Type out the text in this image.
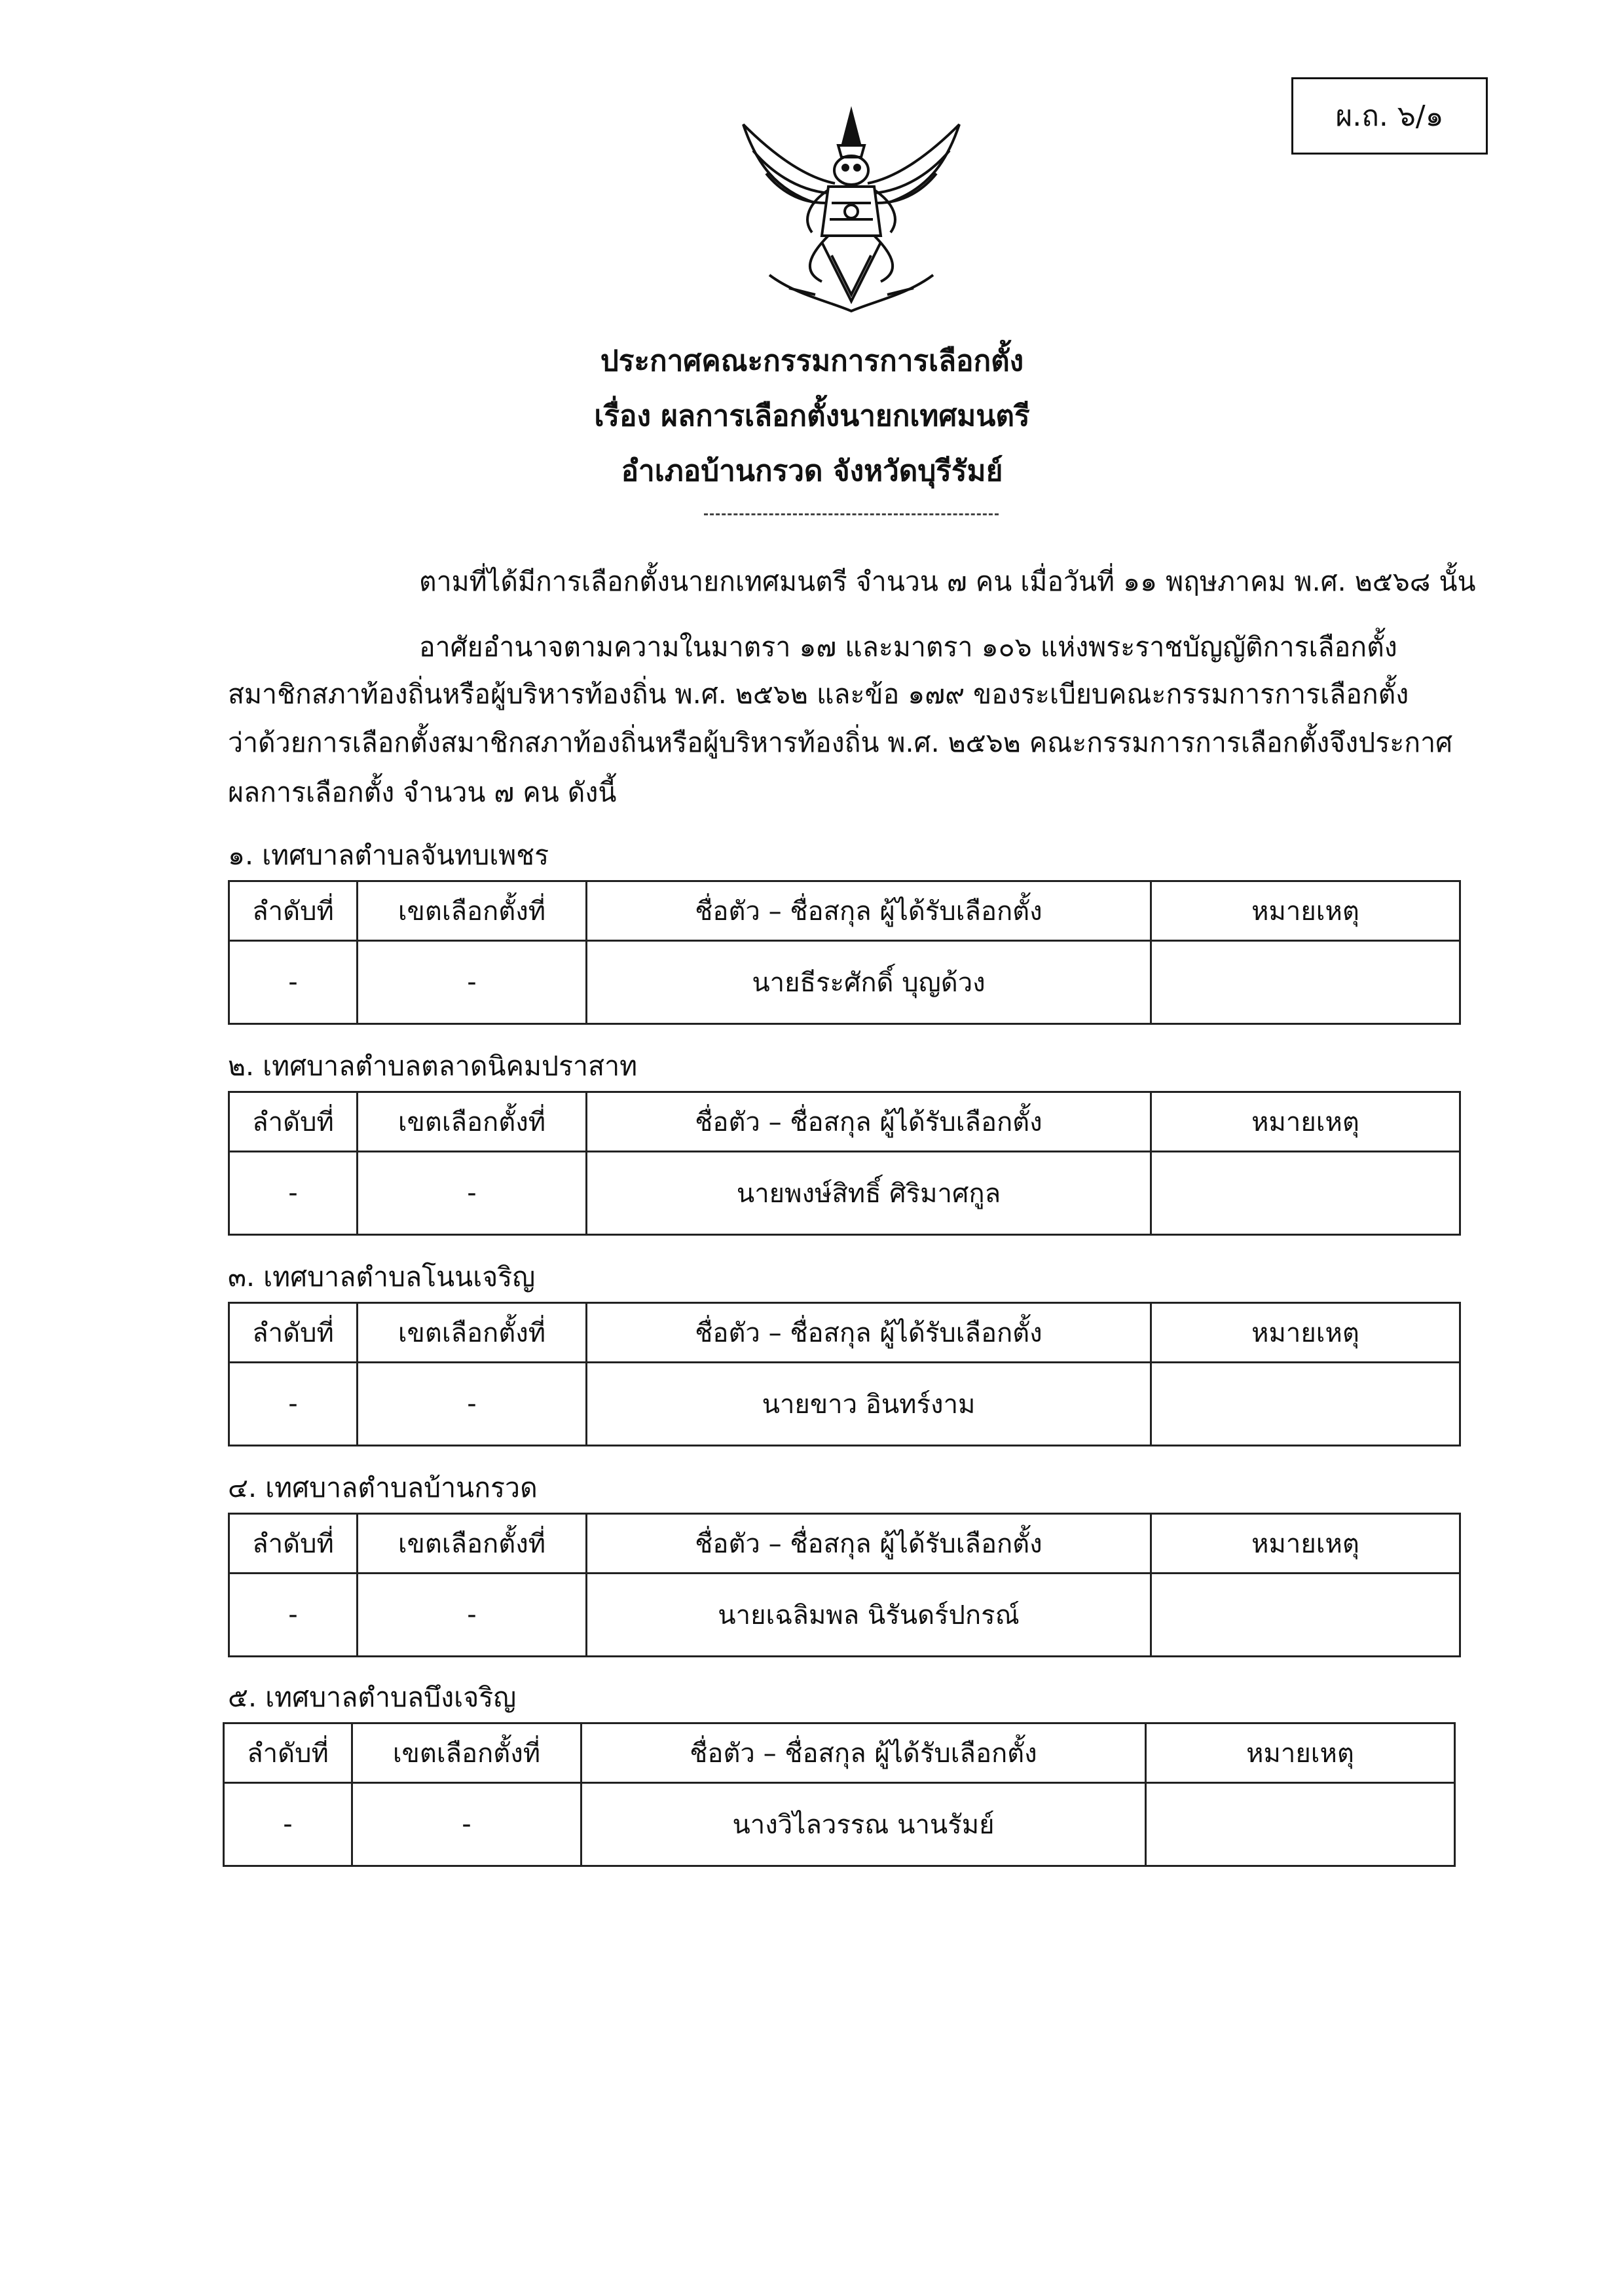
ผ.ถ. ๖/๑
ประกาศคณะกรรมการการเลือกตั้ง
เรื่อง ผลการเลือกตั้งนายกเทศมนตรี
อำเภอบ้านกรวด จังหวัดบุรีรัมย์
ตามที่ได้มีการเลือกตั้งนายกเทศมนตรี จำนวน ๗ คน เมื่อวันที่ ๑๑ พฤษภาคม พ.ศ. ๒๕๖๘ นั้น
อาศัยอำนาจตามความในมาตรา ๑๗ และมาตรา ๑๐๖ แห่งพระราชบัญญัติการเลือกตั้ง
สมาชิกสภาท้องถิ่นหรือผู้บริหารท้องถิ่น พ.ศ. ๒๕๖๒ และข้อ ๑๗๙ ของระเบียบคณะกรรมการการเลือกตั้ง
ว่าด้วยการเลือกตั้งสมาชิกสภาท้องถิ่นหรือผู้บริหารท้องถิ่น พ.ศ. ๒๕๖๒ คณะกรรมการการเลือกตั้งจึงประกาศ
ผลการเลือกตั้ง จำนวน ๗ คน ดังนี้
๑. เทศบาลตำบลจันทบเพชร
ลำดับที่	เขตเลือกตั้งที่	ชื่อตัว – ชื่อสกุล ผู้ได้รับเลือกตั้ง	หมายเหตุ
-	-	นายธีระศักดิ์ บุญด้วง	
๒. เทศบาลตำบลตลาดนิคมปราสาท
ลำดับที่	เขตเลือกตั้งที่	ชื่อตัว – ชื่อสกุล ผู้ได้รับเลือกตั้ง	หมายเหตุ
-	-	นายพงษ์สิทธิ์ ศิริมาศกูล	
๓. เทศบาลตำบลโนนเจริญ
ลำดับที่	เขตเลือกตั้งที่	ชื่อตัว – ชื่อสกุล ผู้ได้รับเลือกตั้ง	หมายเหตุ
-	-	นายขาว อินทร์งาม	
๔. เทศบาลตำบลบ้านกรวด
ลำดับที่	เขตเลือกตั้งที่	ชื่อตัว – ชื่อสกุล ผู้ได้รับเลือกตั้ง	หมายเหตุ
-	-	นายเฉลิมพล นิรันดร์ปกรณ์	
๕. เทศบาลตำบลบึงเจริญ
ลำดับที่	เขตเลือกตั้งที่	ชื่อตัว – ชื่อสกุล ผู้ได้รับเลือกตั้ง	หมายเหตุ
-	-	นางวิไลวรรณ นานรัมย์	
